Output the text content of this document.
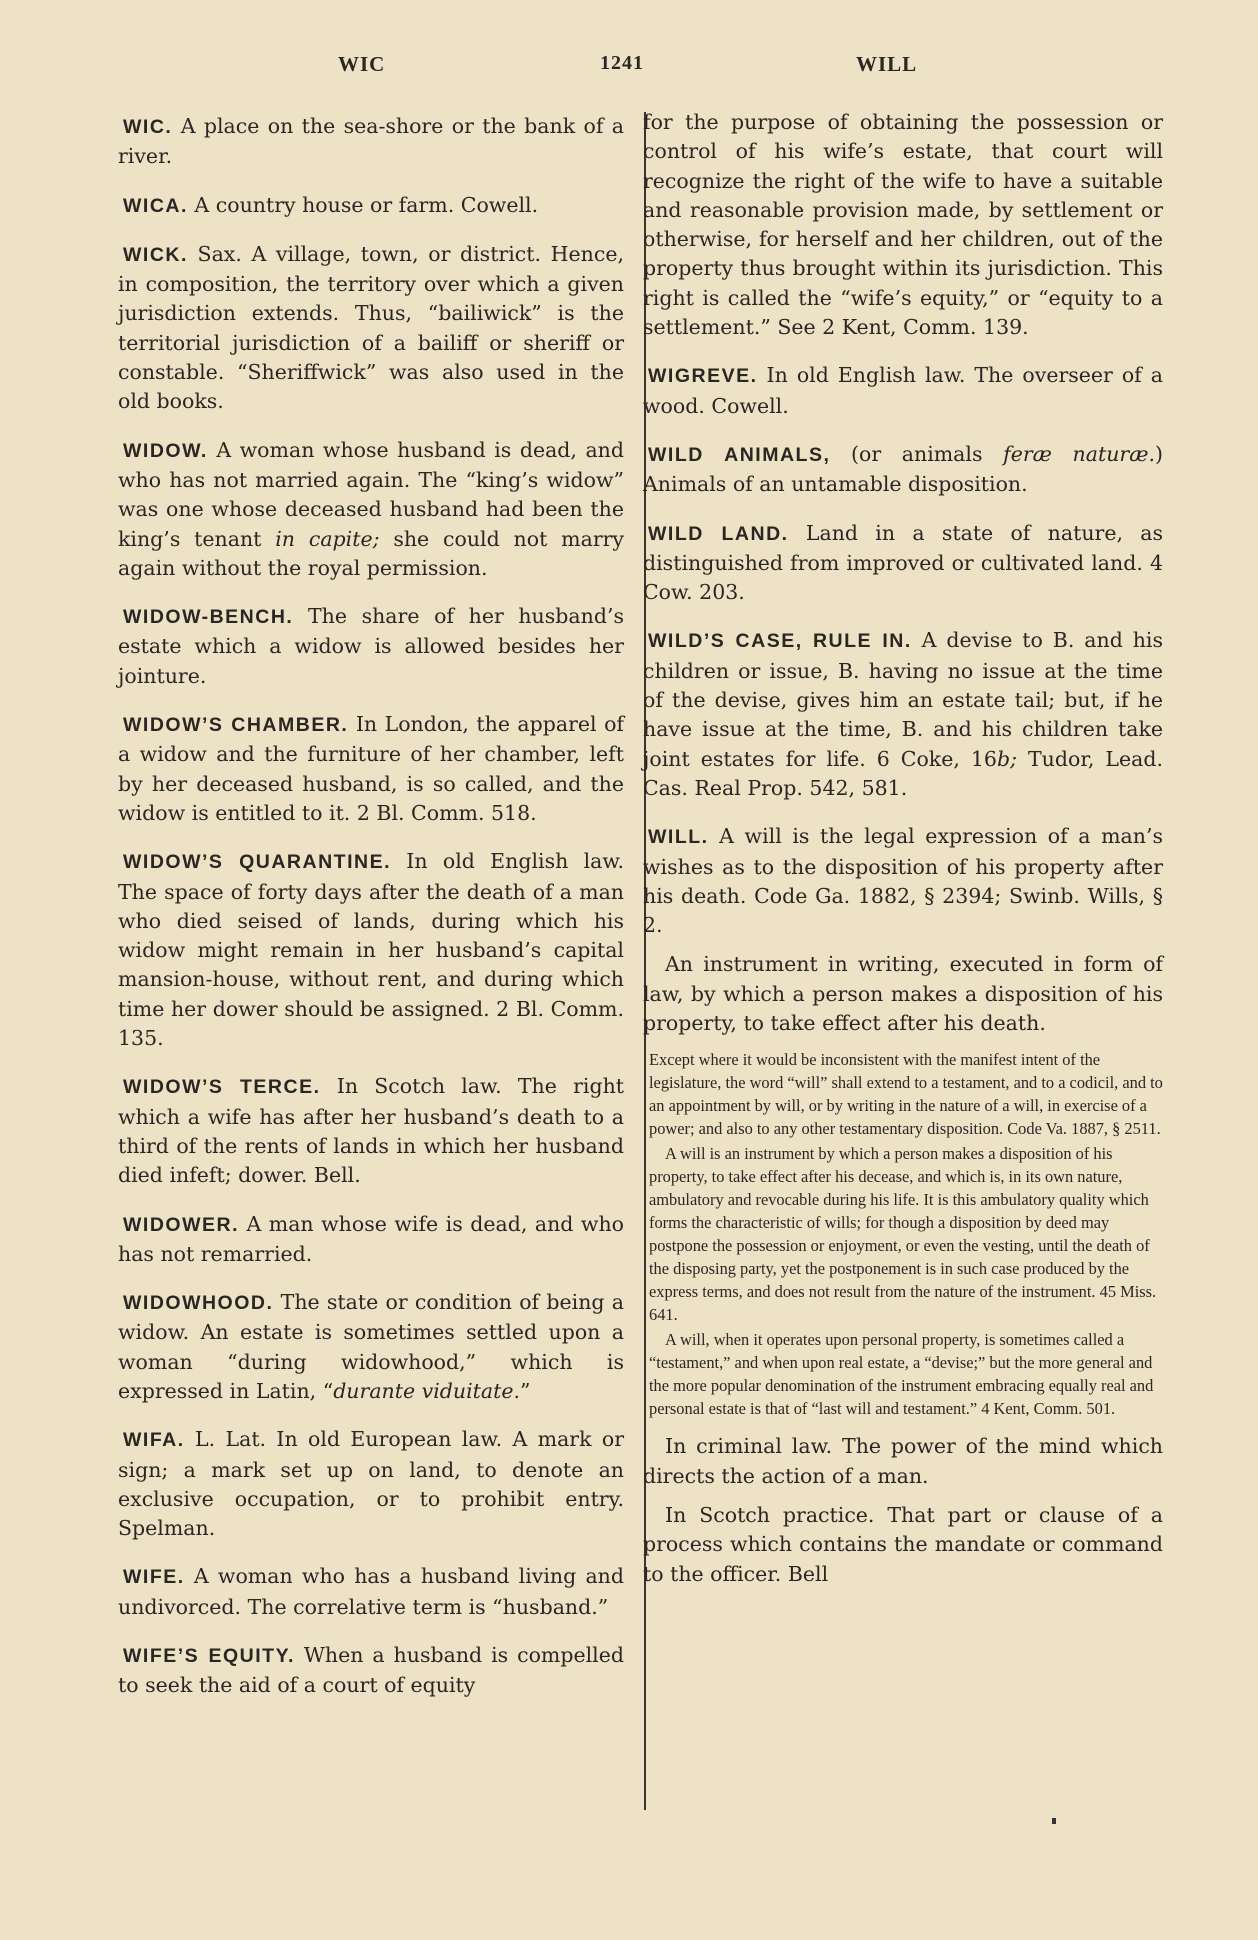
WIC	1241	WILL

WIC. A place on the sea-shore or the bank of a river.

WICA. A country house or farm. Cowell.

WICK. Sax. A village, town, or district. Hence, in composition, the territory over which a given jurisdiction extends. Thus, “bailiwick” is the territorial jurisdiction of a bailiff or sheriff or constable. “Sheriffwick” was also used in the old books.

WIDOW. A woman whose husband is dead, and who has not married again. The “king’s widow” was one whose deceased husband had been the king’s tenant in capite; she could not marry again without the royal permission.

WIDOW-BENCH. The share of her husband’s estate which a widow is allowed besides her jointure.

WIDOW’S CHAMBER. In London, the apparel of a widow and the furniture of her chamber, left by her deceased husband, is so called, and the widow is entitled to it. 2 Bl. Comm. 518.

WIDOW’S QUARANTINE. In old English law. The space of forty days after the death of a man who died seised of lands, during which his widow might remain in her husband’s capital mansion-house, without rent, and during which time her dower should be assigned. 2 Bl. Comm. 135.

WIDOW’S TERCE. In Scotch law. The right which a wife has after her husband’s death to a third of the rents of lands in which her husband died infeft; dower. Bell.

WIDOWER. A man whose wife is dead, and who has not remarried.

WIDOWHOOD. The state or condition of being a widow. An estate is sometimes settled upon a woman “during widowhood,” which is expressed in Latin, “durante viduitate.”

WIFA. L. Lat. In old European law. A mark or sign; a mark set up on land, to denote an exclusive occupation, or to prohibit entry. Spelman.

WIFE. A woman who has a husband living and undivorced. The correlative term is “husband.”

WIFE’S EQUITY. When a husband is compelled to seek the aid of a court of equity

for the purpose of obtaining the possession or control of his wife’s estate, that court will recognize the right of the wife to have a suitable and reasonable provision made, by settlement or otherwise, for herself and her children, out of the property thus brought within its jurisdiction. This right is called the “wife’s equity,” or “equity to a settlement.” See 2 Kent, Comm. 139.

WIGREVE. In old English law. The overseer of a wood. Cowell.

WILD ANIMALS, (or animals feræ naturæ.) Animals of an untamable disposition.

WILD LAND. Land in a state of nature, as distinguished from improved or cultivated land. 4 Cow. 203.

WILD’S CASE, RULE IN. A devise to B. and his children or issue, B. having no issue at the time of the devise, gives him an estate tail; but, if he have issue at the time, B. and his children take joint estates for life. 6 Coke, 16b; Tudor, Lead. Cas. Real Prop. 542, 581.

WILL. A will is the legal expression of a man’s wishes as to the disposition of his property after his death. Code Ga. 1882, § 2394; Swinb. Wills, § 2.

An instrument in writing, executed in form of law, by which a person makes a disposition of his property, to take effect after his death.

Except where it would be inconsistent with the manifest intent of the legislature, the word “will” shall extend to a testament, and to a codicil, and to an appointment by will, or by writing in the nature of a will, in exercise of a power; and also to any other testamentary disposition. Code Va. 1887, § 2511.

A will is an instrument by which a person makes a disposition of his property, to take effect after his decease, and which is, in its own nature, ambulatory and revocable during his life. It is this ambulatory quality which forms the characteristic of wills; for though a disposition by deed may postpone the possession or enjoyment, or even the vesting, until the death of the disposing party, yet the postponement is in such case produced by the express terms, and does not result from the nature of the instrument. 45 Miss. 641.

A will, when it operates upon personal property, is sometimes called a “testament,” and when upon real estate, a “devise;” but the more general and the more popular denomination of the instrument embracing equally real and personal estate is that of “last will and testament.” 4 Kent, Comm. 501.

In criminal law. The power of the mind which directs the action of a man.

In Scotch practice. That part or clause of a process which contains the mandate or command to the officer. Bell
